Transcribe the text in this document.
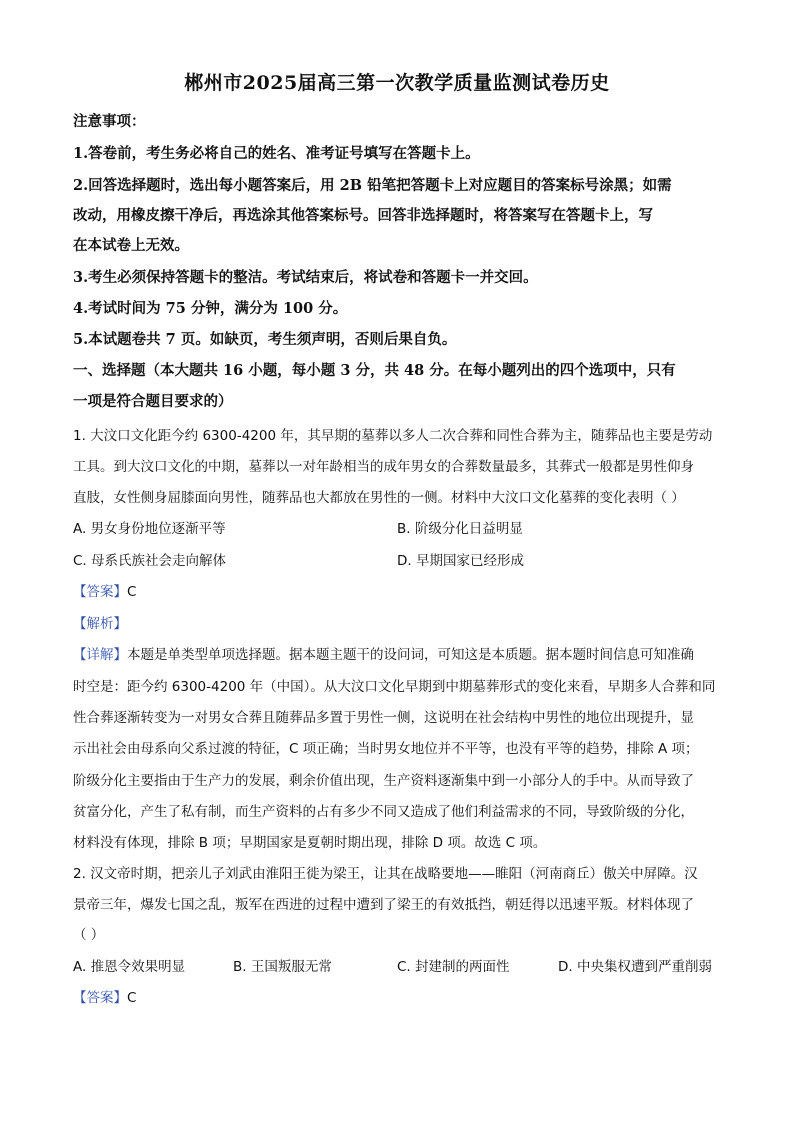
郴州市2025届高三第一次教学质量监测试卷历史
注意事项：
1.答卷前，考生务必将自己的姓名、准考证号填写在答题卡上。
2.回答选择题时，选出每小题答案后，用 2B 铅笔把答题卡上对应题目的答案标号涂黑；如需
改动，用橡皮擦干净后，再选涂其他答案标号。回答非选择题时，将答案写在答题卡上，写
在本试卷上无效。
3.考生必须保持答题卡的整洁。考试结束后，将试卷和答题卡一并交回。
4.考试时间为 75 分钟，满分为 100 分。
5.本试题卷共 7 页。如缺页，考生须声明，否则后果自负。
一、选择题（本大题共 16 小题，每小题 3 分，共 48 分。在每小题列出的四个选项中，只有
一项是符合题目要求的）
1. 大汶口文化距今约 6300-4200 年，其早期的墓葬以多人二次合葬和同性合葬为主，随葬品也主要是劳动
工具。到大汶口文化的中期，墓葬以一对年龄相当的成年男女的合葬数量最多，其葬式一般都是男性仰身
直肢，女性侧身屈膝面向男性，随葬品也大都放在男性的一侧。材料中大汶口文化墓葬的变化表明（ ）
A. 男女身份地位逐渐平等	B. 阶级分化日益明显
C. 母系氏族社会走向解体	D. 早期国家已经形成
【答案】C
【解析】
【详解】本题是单类型单项选择题。据本题主题干的设问词，可知这是本质题。据本题时间信息可知准确
时空是：距今约 6300-4200 年（中国）。从大汶口文化早期到中期墓葬形式的变化来看，早期多人合葬和同
性合葬逐渐转变为一对男女合葬且随葬品多置于男性一侧，这说明在社会结构中男性的地位出现提升，显
示出社会由母系向父系过渡的特征，C 项正确；当时男女地位并不平等，也没有平等的趋势，排除 A 项；
阶级分化主要指由于生产力的发展，剩余价值出现，生产资料逐渐集中到一小部分人的手中。从而导致了
贫富分化，产生了私有制，而生产资料的占有多少不同又造成了他们利益需求的不同，导致阶级的分化，
材料没有体现，排除 B 项；早期国家是夏朝时期出现，排除 D 项。故选 C 项。
2. 汉文帝时期，把亲儿子刘武由淮阳王徙为梁王，让其在战略要地——睢阳（河南商丘）傲关中屏障。汉
景帝三年，爆发七国之乱，叛军在西进的过程中遭到了梁王的有效抵挡，朝廷得以迅速平叛。材料体现了
（ ）
A. 推恩令效果明显	B. 王国叛服无常	C. 封建制的两面性	D. 中央集权遭到严重削弱
【答案】C
